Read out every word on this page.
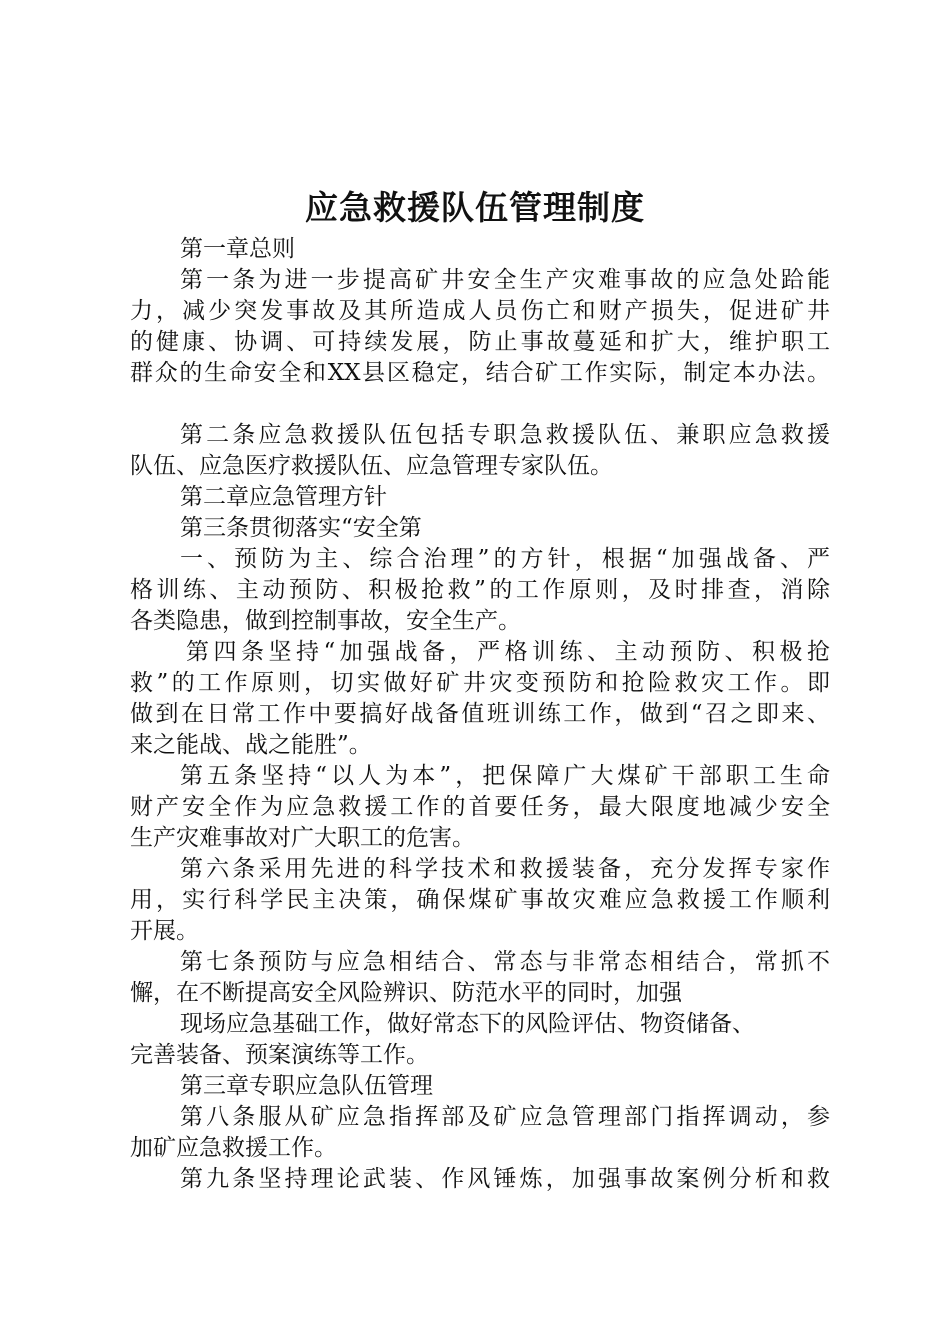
应急救援队伍管理制度
第一章总则
第一条为进一步提高矿井安全生产灾难事故的应急处跲能
力，减少突发事故及其所造成人员伤亡和财产损失，促进矿井
的健康、协调、可持续发展，防止事故蔓延和扩大，维护职工
群众的生命安全和XX县区稳定，结合矿工作实际，制定本办法。
第二条应急救援队伍包括专职急救援队伍、兼职应急救援
队伍、应急医疗救援队伍、应急管理专家队伍。
第二章应急管理方针
第三条贯彻落实“安全第
一、预防为主、综合治理”的方针，根据“加强战备、严
格训练、主动预防、积极抢救”的工作原则，及时排查，消除
各类隐患，做到控制事故，安全生产。
第四条坚持“加强战备，严格训练、主动预防、积极抢
救”的工作原则，切实做好矿井灾变预防和抢险救灾工作。即
做到在日常工作中要搞好战备值班训练工作，做到“召之即来、
来之能战、战之能胜”。
第五条坚持“以人为本”，把保障广大煤矿干部职工生命
财产安全作为应急救援工作的首要任务，最大限度地减少安全
生产灾难事故对广大职工的危害。
第六条采用先进的科学技术和救援装备，充分发挥专家作
用，实行科学民主决策，确保煤矿事故灾难应急救援工作顺利
开展。
第七条预防与应急相结合、常态与非常态相结合，常抓不
懈，在不断提高安全风险辨识、防范水平的同时，加强
现场应急基础工作，做好常态下的风险评估、物资储备、
完善装备、预案演练等工作。
第三章专职应急队伍管理
第八条服从矿应急指挥部及矿应急管理部门指挥调动，参
加矿应急救援工作。
第九条坚持理论武装、作风锤炼，加强事故案例分析和救
